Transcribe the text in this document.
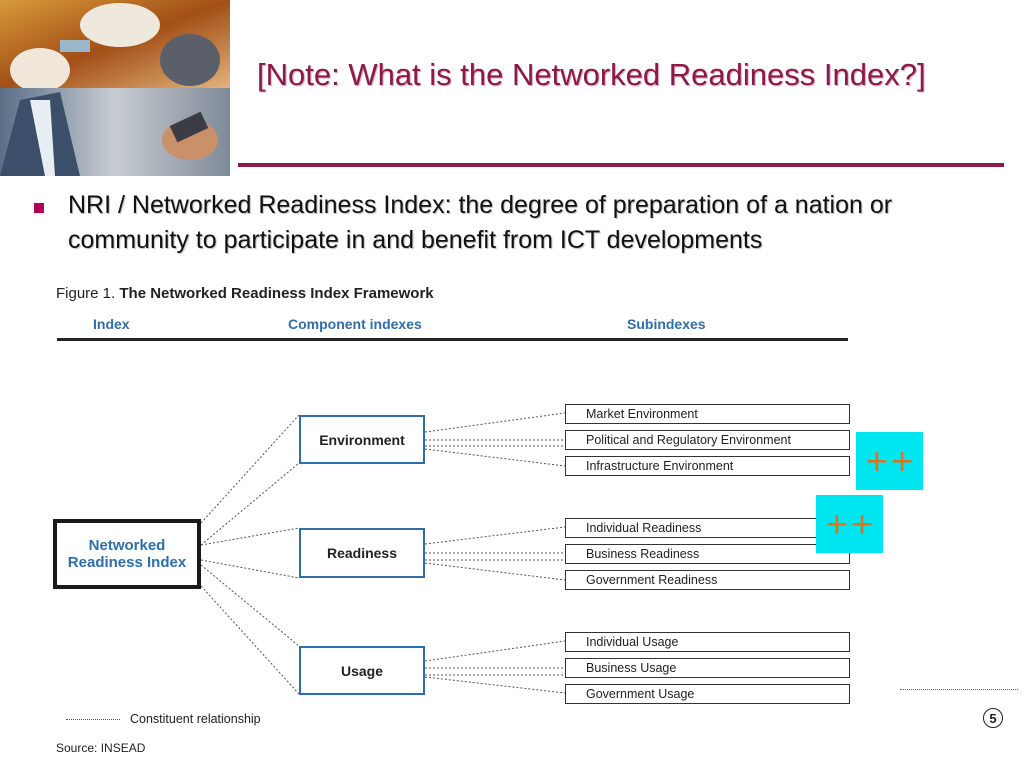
[Note: What is the Networked Readiness Index?]
NRI / Networked Readiness Index: the degree of preparation of a nation or community to participate in and benefit from ICT developments
Figure 1. The Networked Readiness Index Framework
Index	Component indexes	Subindexes
Networked Readiness Index
Environment
Readiness
Usage
Market Environment
Political and Regulatory Environment
Infrastructure Environment
Individual Readiness
Business Readiness
Government Readiness
Individual Usage
Business Usage
Government Usage
++
++
Constituent relationship
Source: INSEAD
5
